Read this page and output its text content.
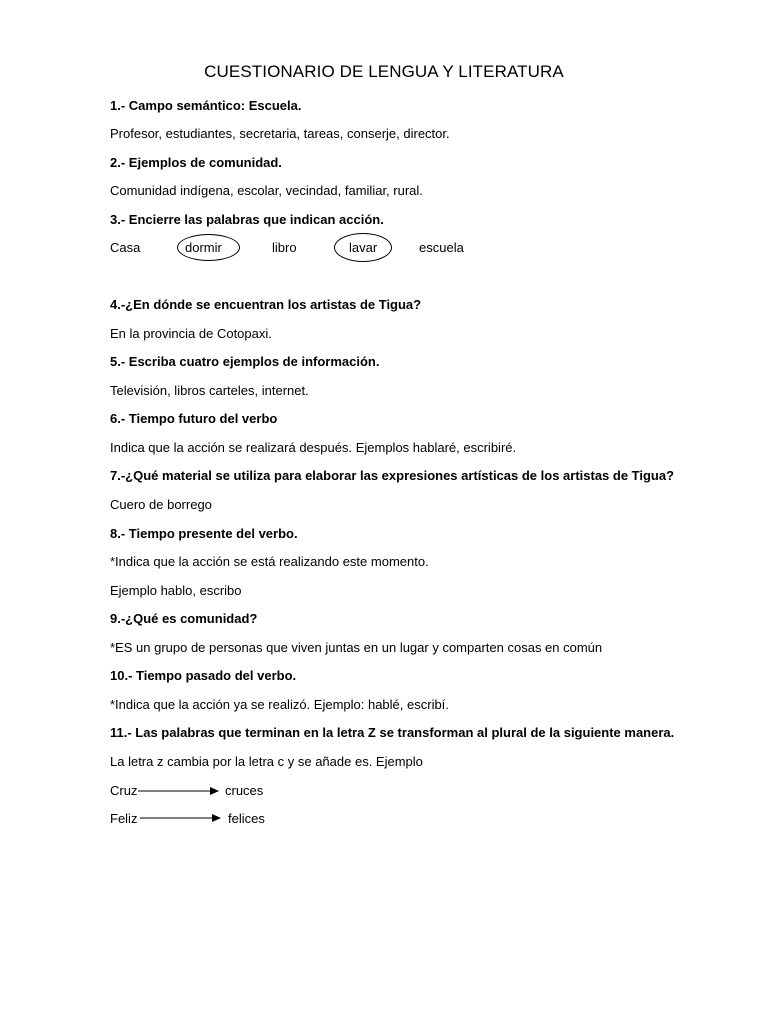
CUESTIONARIO DE LENGUA Y LITERATURA
1.- Campo semántico: Escuela.
Profesor, estudiantes, secretaria, tareas, conserje, director.
2.- Ejemplos de comunidad.
Comunidad indígena, escolar, vecindad, familiar, rural.
3.- Encierre las palabras que indican acción.
Casa	dormir	libro	lavar	escuela
4.-¿En dónde se encuentran los artistas de Tigua?
En la provincia de Cotopaxi.
5.- Escriba cuatro ejemplos de información.
Televisión, libros carteles, internet.
6.- Tiempo futuro del verbo
Indica que la acción se realizará después. Ejemplos hablaré, escribiré.
7.-¿Qué material se utiliza para elaborar las expresiones artísticas de los artistas de Tigua?
Cuero de borrego
8.- Tiempo presente del verbo.
*Indica que la acción se está realizando este momento.
Ejemplo hablo, escribo
9.-¿Qué es comunidad?
*ES un grupo de personas que viven juntas en un lugar y comparten cosas en común
10.- Tiempo pasado del verbo.
*Indica que la acción ya se realizó. Ejemplo: hablé, escribí.
11.- Las palabras que terminan en la letra Z se transforman al plural de la siguiente manera.
La letra z cambia por la letra c y se añade es. Ejemplo
Cruz	cruces
Feliz	felices
